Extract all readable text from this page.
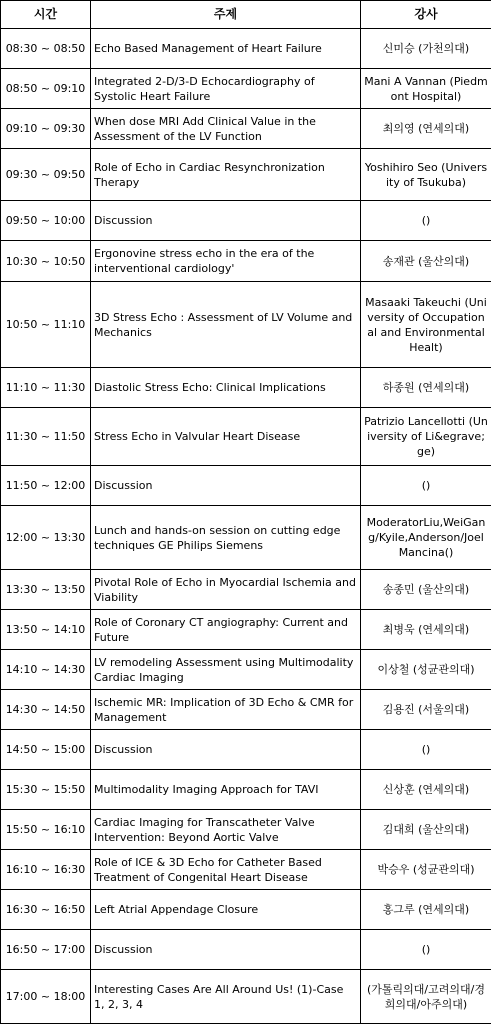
시간	주제	강사
08:30 ~ 08:50	Echo Based Management of Heart Failure	신미승 (가천의대)
08:50 ~ 09:10	Integrated 2-D/3-D Echocardiography of Systolic Heart Failure	Mani A Vannan (Piedmont Hospital)
09:10 ~ 09:30	When dose MRI Add Clinical Value in the Assessment of the LV Function	최의영 (연세의대)
09:30 ~ 09:50	Role of Echo in Cardiac Resynchronization Therapy	Yoshihiro Seo (University of Tsukuba)
09:50 ~ 10:00	Discussion	()
10:30 ~ 10:50	Ergonovine stress echo in the era of the interventional cardiology'	송재관 (울산의대)
10:50 ~ 11:10	3D Stress Echo : Assessment of LV Volume and Mechanics	Masaaki Takeuchi (University of Occupational and Environmental Healt)
11:10 ~ 11:30	Diastolic Stress Echo: Clinical Implications	하종원 (연세의대)
11:30 ~ 11:50	Stress Echo in Valvular Heart Disease	Patrizio Lancellotti (University of Li&egrave;ge)
11:50 ~ 12:00	Discussion	()
12:00 ~ 13:30	Lunch and hands-on session on cutting edge techniques GE Philips Siemens	ModeratorLiu,WeiGang/Kyile,Anderson/JoelMancina()
13:30 ~ 13:50	Pivotal Role of Echo in Myocardial Ischemia and Viability	송종민 (울산의대)
13:50 ~ 14:10	Role of Coronary CT angiography: Current and Future	최병욱 (연세의대)
14:10 ~ 14:30	LV remodeling Assessment using Multimodality Cardiac Imaging	이상철 (성균관의대)
14:30 ~ 14:50	Ischemic MR: Implication of 3D Echo & CMR for Management	김용진 (서울의대)
14:50 ~ 15:00	Discussion	()
15:30 ~ 15:50	Multimodality Imaging Approach for TAVI	신상훈 (연세의대)
15:50 ~ 16:10	Cardiac Imaging for Transcatheter Valve Intervention: Beyond Aortic Valve	김대희 (울산의대)
16:10 ~ 16:30	Role of ICE & 3D Echo for Catheter Based Treatment of Congenital Heart Disease	박승우 (성균관의대)
16:30 ~ 16:50	Left Atrial Appendage Closure	홍그루 (연세의대)
16:50 ~ 17:00	Discussion	()
17:00 ~ 18:00	Interesting Cases Are All Around Us! (1)-Case 1, 2, 3, 4	(가톨릭의대/고려의대/경희의대/아주의대)
